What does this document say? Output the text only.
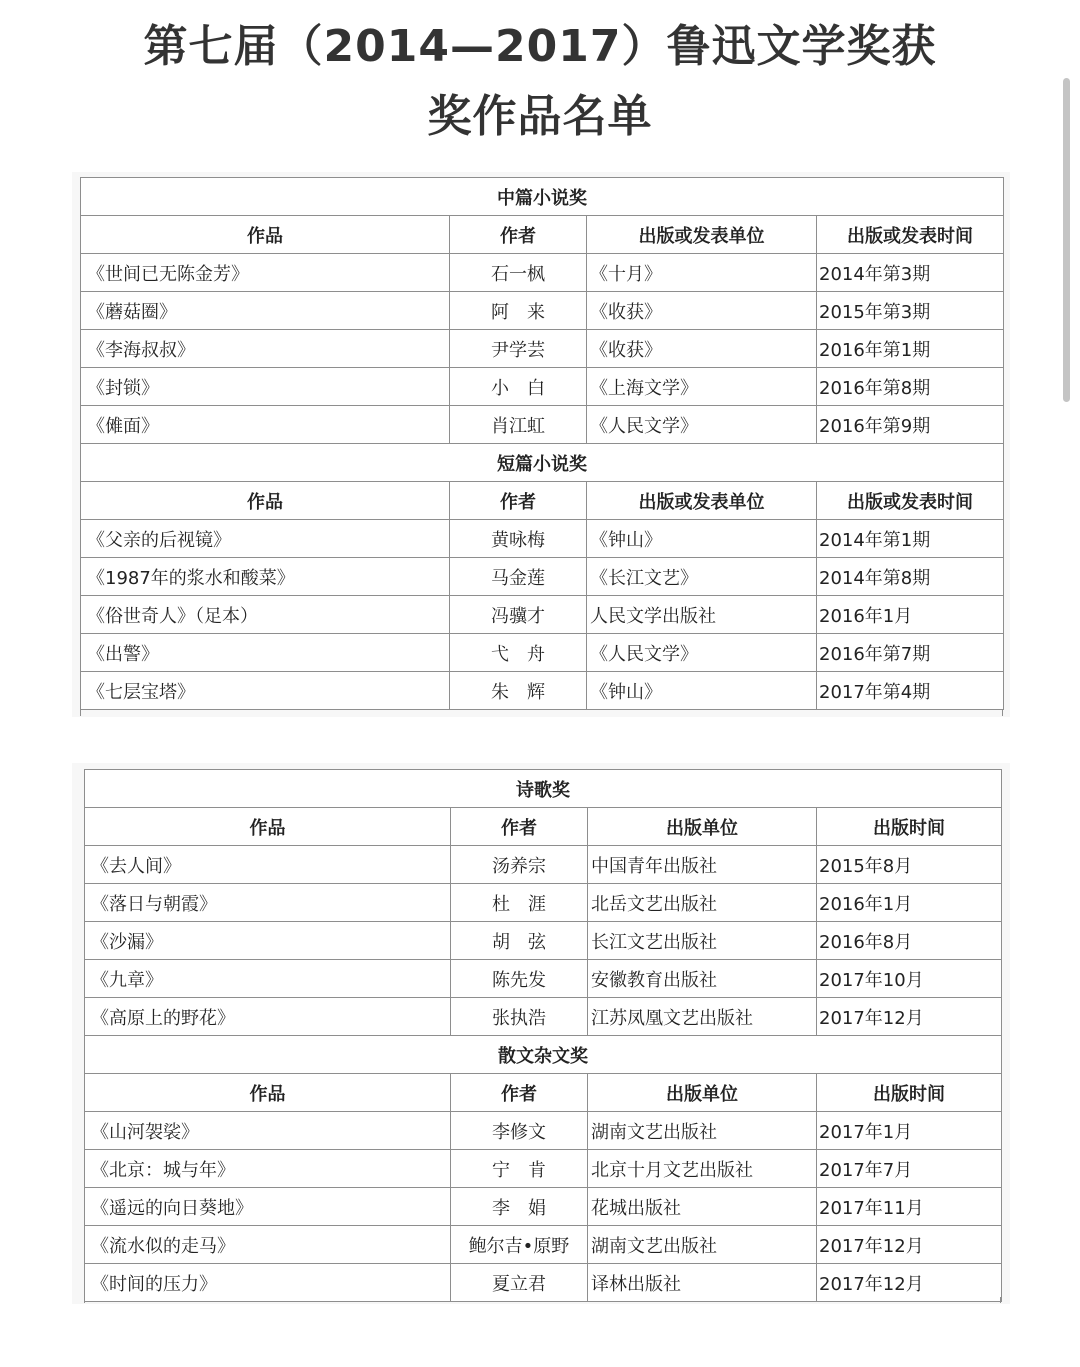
第七届（2014—2017）鲁迅文学奖获
奖作品名单
中篇小说奖			
作品	作者	出版或发表单位	出版或发表时间
《世间已无陈金芳》	石一枫	《十月》	2014年第3期
《蘑菇圈》	阿　来	《收获》	2015年第3期
《李海叔叔》	尹学芸	《收获》	2016年第1期
《封锁》	小　白	《上海文学》	2016年第8期
《傩面》	肖江虹	《人民文学》	2016年第9期
短篇小说奖			
作品	作者	出版或发表单位	出版或发表时间
《父亲的后视镜》	黄咏梅	《钟山》	2014年第1期
《1987年的浆水和酸菜》	马金莲	《长江文艺》	2014年第8期
《俗世奇人》（足本）	冯骥才	人民文学出版社	2016年1月
《出警》	弋　舟	《人民文学》	2016年第7期
《七层宝塔》	朱　辉	《钟山》	2017年第4期
诗歌奖			
作品	作者	出版单位	出版时间
《去人间》	汤养宗	中国青年出版社	2015年8月
《落日与朝霞》	杜　涯	北岳文艺出版社	2016年1月
《沙漏》	胡　弦	长江文艺出版社	2016年8月
《九章》	陈先发	安徽教育出版社	2017年10月
《高原上的野花》	张执浩	江苏凤凰文艺出版社	2017年12月
散文杂文奖			
作品	作者	出版单位	出版时间
《山河袈裟》	李修文	湖南文艺出版社	2017年1月
《北京：城与年》	宁　肯	北京十月文艺出版社	2017年7月
《遥远的向日葵地》	李　娟	花城出版社	2017年11月
《流水似的走马》	鲍尔吉•原野	湖南文艺出版社	2017年12月
《时间的压力》	夏立君	译林出版社	2017年12月
